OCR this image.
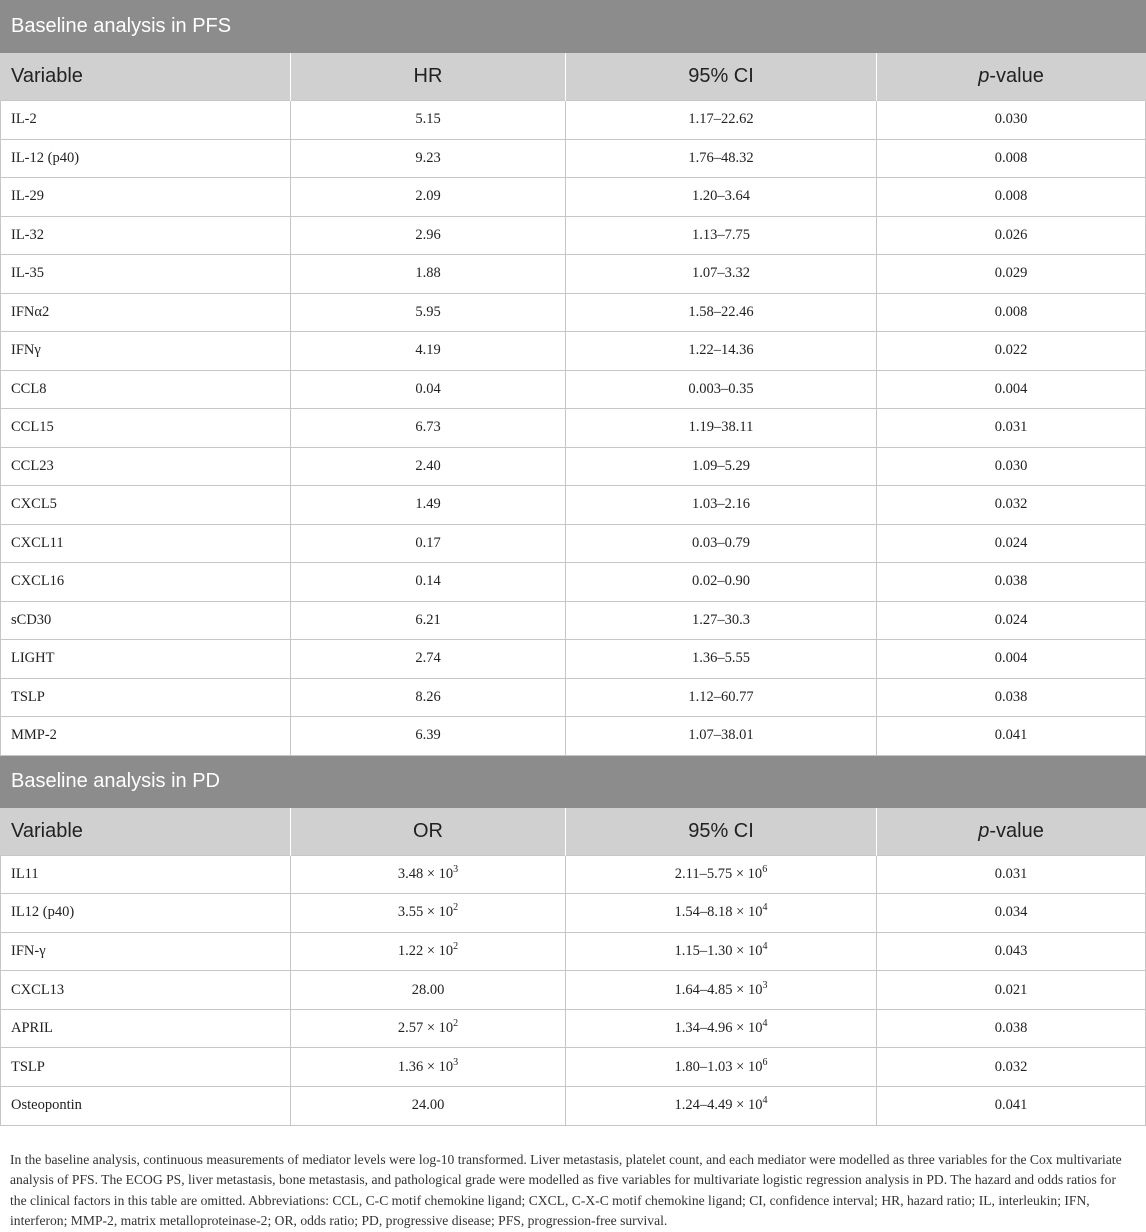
Baseline analysis in PFS			
Variable	HR	95% CI	p-value
IL-2	5.15	1.17–22.62	0.030
IL-12 (p40)	9.23	1.76–48.32	0.008
IL-29	2.09	1.20–3.64	0.008
IL-32	2.96	1.13–7.75	0.026
IL-35	1.88	1.07–3.32	0.029
IFNα2	5.95	1.58–22.46	0.008
IFNγ	4.19	1.22–14.36	0.022
CCL8	0.04	0.003–0.35	0.004
CCL15	6.73	1.19–38.11	0.031
CCL23	2.40	1.09–5.29	0.030
CXCL5	1.49	1.03–2.16	0.032
CXCL11	0.17	0.03–0.79	0.024
CXCL16	0.14	0.02–0.90	0.038
sCD30	6.21	1.27–30.3	0.024
LIGHT	2.74	1.36–5.55	0.004
TSLP	8.26	1.12–60.77	0.038
MMP-2	6.39	1.07–38.01	0.041
Baseline analysis in PD			
Variable	OR	95% CI	p-value
IL11	$3.48 \times 10^3$	$2.11-5.75 \times 10^6$	0.031
IL12 (p40)	$3.55 \times 10^2$	$1.54-8.18 \times 10^4$	0.034
IFN-γ	$1.22 \times 10^2$	$1.15-1.30 \times 10^4$	0.043
CXCL13	28.00	$1.64-4.85 \times 10^3$	0.021
APRIL	$2.57 \times 10^2$	$1.34-4.96 \times 10^4$	0.038
TSLP	$1.36 \times 10^3$	$1.80-1.03 \times 10^6$	0.032
Osteopontin	24.00	$1.24-4.49 \times 10^4$	0.041

In the baseline analysis, continuous measurements of mediator levels were log-10 transformed. Liver metastasis, platelet count, and each mediator were modelled as three variables for the Cox multivariate analysis of PFS. The ECOG PS, liver metastasis, bone metastasis, and pathological grade were modelled as five variables for multivariate logistic regression analysis in PD. The hazard and odds ratios for the clinical factors in this table are omitted. Abbreviations: CCL, C-C motif chemokine ligand; CXCL, C-X-C motif chemokine ligand; CI, confidence interval; HR, hazard ratio; IL, interleukin; IFN, interferon; MMP-2, matrix metalloproteinase-2; OR, odds ratio; PD, progressive disease; PFS, progression-free survival.
